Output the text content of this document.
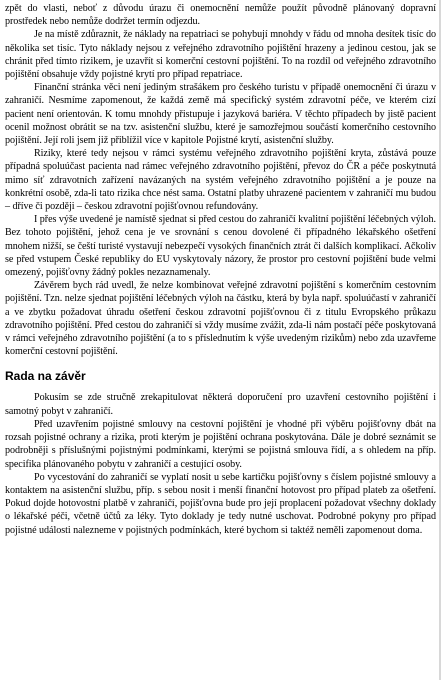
zpět do vlasti, neboť z důvodu úrazu či onemocnění nemůže použít původně plánovaný dopravní prostředek nebo nemůže dodržet termín odjezdu.

Je na místě zdůraznit, že náklady na repatriaci se pohybují mnohdy v řádu od mnoha desítek tisíc do několika set tisíc. Tyto náklady nejsou z veřejného zdravotního pojištění hrazeny a jedinou cestou, jak se chránit před tímto rizikem, je uzavřít si komerční cestovní pojištění. To na rozdíl od veřejného zdravotního pojištění obsahuje vždy pojistné krytí pro případ repatriace.

Finanční stránka věci není jediným strašákem pro českého turistu v případě onemocnění či úrazu v zahraničí. Nesmíme zapomenout, že každá země má specifický systém zdravotní péče, ve kterém cizí pacient není orientován. K tomu mnohdy přistupuje i jazyková bariéra. V těchto případech by jistě pacient ocenil možnost obrátit se na tzv. asistenční službu, které je samozřejmou součástí komerčního cestovního pojištění. Její roli jsem již přiblížil více v kapitole Pojistné krytí, asistenční služby.

Riziky, které tedy nejsou v rámci systému veřejného zdravotního pojištění kryta, zůstává pouze případná spoluúčast pacienta nad rámec veřejného zdravotního pojištění, převoz do ČR a péče poskytnutá mimo síť zdravotních zařízení navázaných na systém veřejného zdravotního pojištění a je pouze na konkrétní osobě, zda-li tato rizika chce nést sama. Ostatní platby uhrazené pacientem v zahraničí mu budou – dříve či později – českou zdravotní pojišťovnou refundovány.

I přes výše uvedené je namístě sjednat si před cestou do zahraničí kvalitní pojištění léčebných výloh. Bez tohoto pojištění, jehož cena je ve srovnání s cenou dovolené či případného lékařského ošetření mnohem nižší, se čeští turisté vystavují nebezpečí vysokých finančních ztrát či dalších komplikací. Ačkoliv se před vstupem České republiky do EU vyskytovaly názory, že prostor pro cestovní pojištění bude velmi omezený, pojišťovny žádný pokles nezaznamenaly.

Závěrem bych rád uvedl, že nelze kombinovat veřejné zdravotní pojištění s komerčním cestovním pojištění. Tzn. nelze sjednat pojištění léčebných výloh na částku, která by byla např. spoluúčastí v zahraničí a ve zbytku požadovat úhradu ošetření českou zdravotní pojišťovnou či z titulu Evropského průkazu zdravotního pojištění. Před cestou do zahraničí si vždy musíme zvážit, zda-li nám postačí péče poskytovaná v rámci veřejného zdravotního pojištění (a to s příslednutím k výše uvedeným rizikům) nebo zda uzavřeme komerční cestovní pojištění.

Rada na závěr

Pokusím se zde stručně zrekapitulovat některá doporučení pro uzavření cestovního pojištění i samotný pobyt v zahraničí.

Před uzavřením pojistné smlouvy na cestovní pojištění je vhodné při výběru pojišťovny dbát na rozsah pojistné ochrany a rizika, proti kterým je pojištění ochrana poskytována. Dále je dobré seznámit se podrobněji s příslušnými pojistnými podmínkami, kterými se pojistná smlouva řídí, a s ohledem na příp. specifika plánovaného pobytu v zahraničí a cestující osoby.

Po vycestování do zahraničí se vyplatí nosit u sebe kartičku pojišťovny s číslem pojistné smlouvy a kontaktem na asistenční službu, příp. s sebou nosit i menší finanční hotovost pro případ plateb za ošetření. Pokud dojde hotovostní platbě v zahraničí, pojišťovna bude pro její proplacení požadovat všechny doklady o lékařské péči, včetně účtů za léky. Tyto doklady je tedy nutné uschovat. Podrobné pokyny pro případ pojistné události nalezneme v pojistných podmínkách, které bychom si taktéž neměli zapomenout doma.
